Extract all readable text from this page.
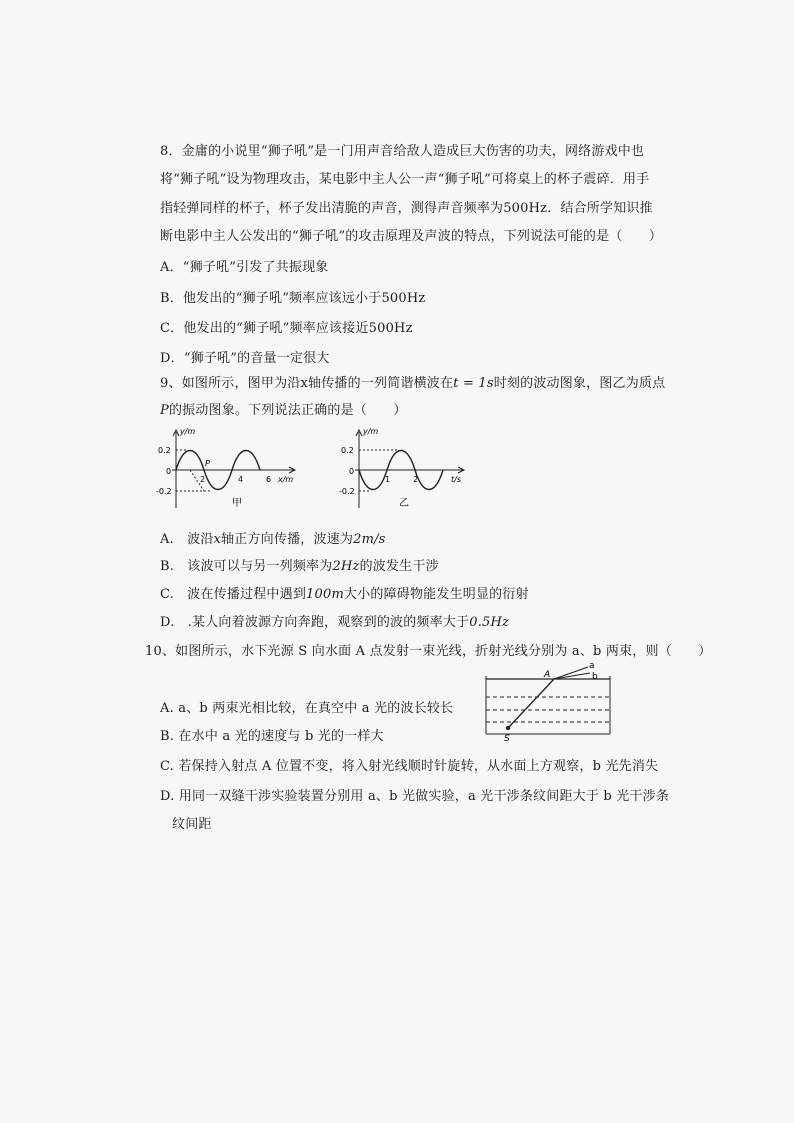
8．金庸的小说里“狮子吼”是一门用声音给敌人造成巨大伤害的功夫，网络游戏中也
将“狮子吼”设为物理攻击，某电影中主人公一声“狮子吼”可将桌上的杯子震碎．用手
指轻弹同样的杯子，杯子发出清脆的声音，测得声音频率为500Hz．结合所学知识推
断电影中主人公发出的“狮子吼”的攻击原理及声波的特点，下列说法可能的是（　　）
A．“狮子吼”引发了共振现象
B．他发出的“狮子吼”频率应该远小于500Hz
C．他发出的“狮子吼”频率应该接近500Hz
D．“狮子吼”的音量一定很大
9、如图所示，图甲为沿x轴传播的一列简谐横波在t = 1s时刻的波动图象，图乙为质点
P的振动图象。下列说法正确的是（　　）
y/m
0.2
0
-0.2
P
2	4	6 x/m
甲
y/m
0.2
0
-0.2
1	2	t/s
乙
A.　波沿x轴正方向传播，波速为2m/s
B.　该波可以与另一列频率为2Hz的波发生干涉
C.　波在传播过程中遇到100m大小的障碍物能发生明显的衍射
D.　.某人向着波源方向奔跑，观察到的波的频率大于0.5Hz
10、如图所示，水下光源 S 向水面 A 点发射一束光线，折射光线分别为 a、b 两束，则（　　）
a
b
A
S
A. a、b 两束光相比较，在真空中 a 光的波长较长
B. 在水中 a 光的速度与 b 光的一样大
C. 若保持入射点 A 位置不变，将入射光线顺时针旋转，从水面上方观察，b 光先消失
D. 用同一双缝干涉实验装置分别用 a、b 光做实验，a 光干涉条纹间距大于 b 光干涉条
纹间距
